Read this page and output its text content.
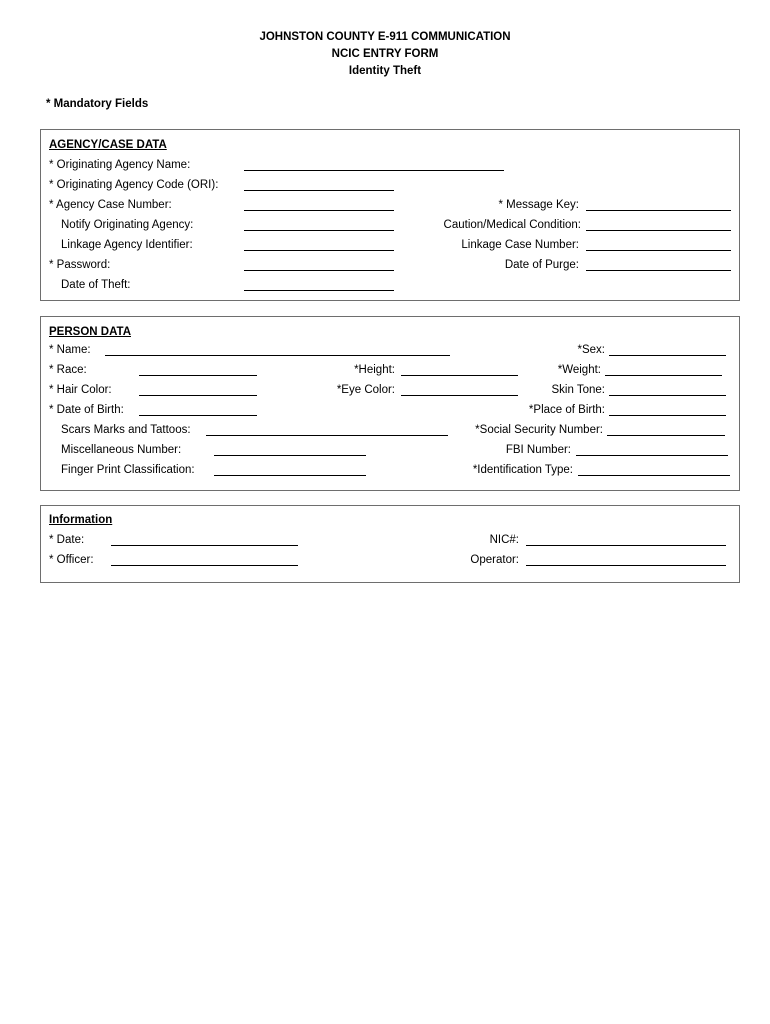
JOHNSTON COUNTY E-911 COMMUNICATION
NCIC ENTRY FORM
Identity Theft
* Mandatory Fields
AGENCY/CASE DATA
* Originating Agency Name:
* Originating Agency Code (ORI):
* Agency Case Number:	* Message Key:
Notify Originating Agency:	Caution/Medical Condition:
Linkage Agency Identifier:	Linkage Case Number:
* Password:	Date of Purge:
Date of Theft:
PERSON DATA
* Name:	*Sex:
* Race:	*Height:	*Weight:
* Hair Color:	*Eye Color:	Skin Tone:
* Date of Birth:	*Place of Birth:
Scars Marks and Tattoos:	*Social Security Number:
Miscellaneous Number:	FBI Number:
Finger Print Classification:	*Identification Type:
Information
* Date:	NIC#:
* Officer:	Operator:
